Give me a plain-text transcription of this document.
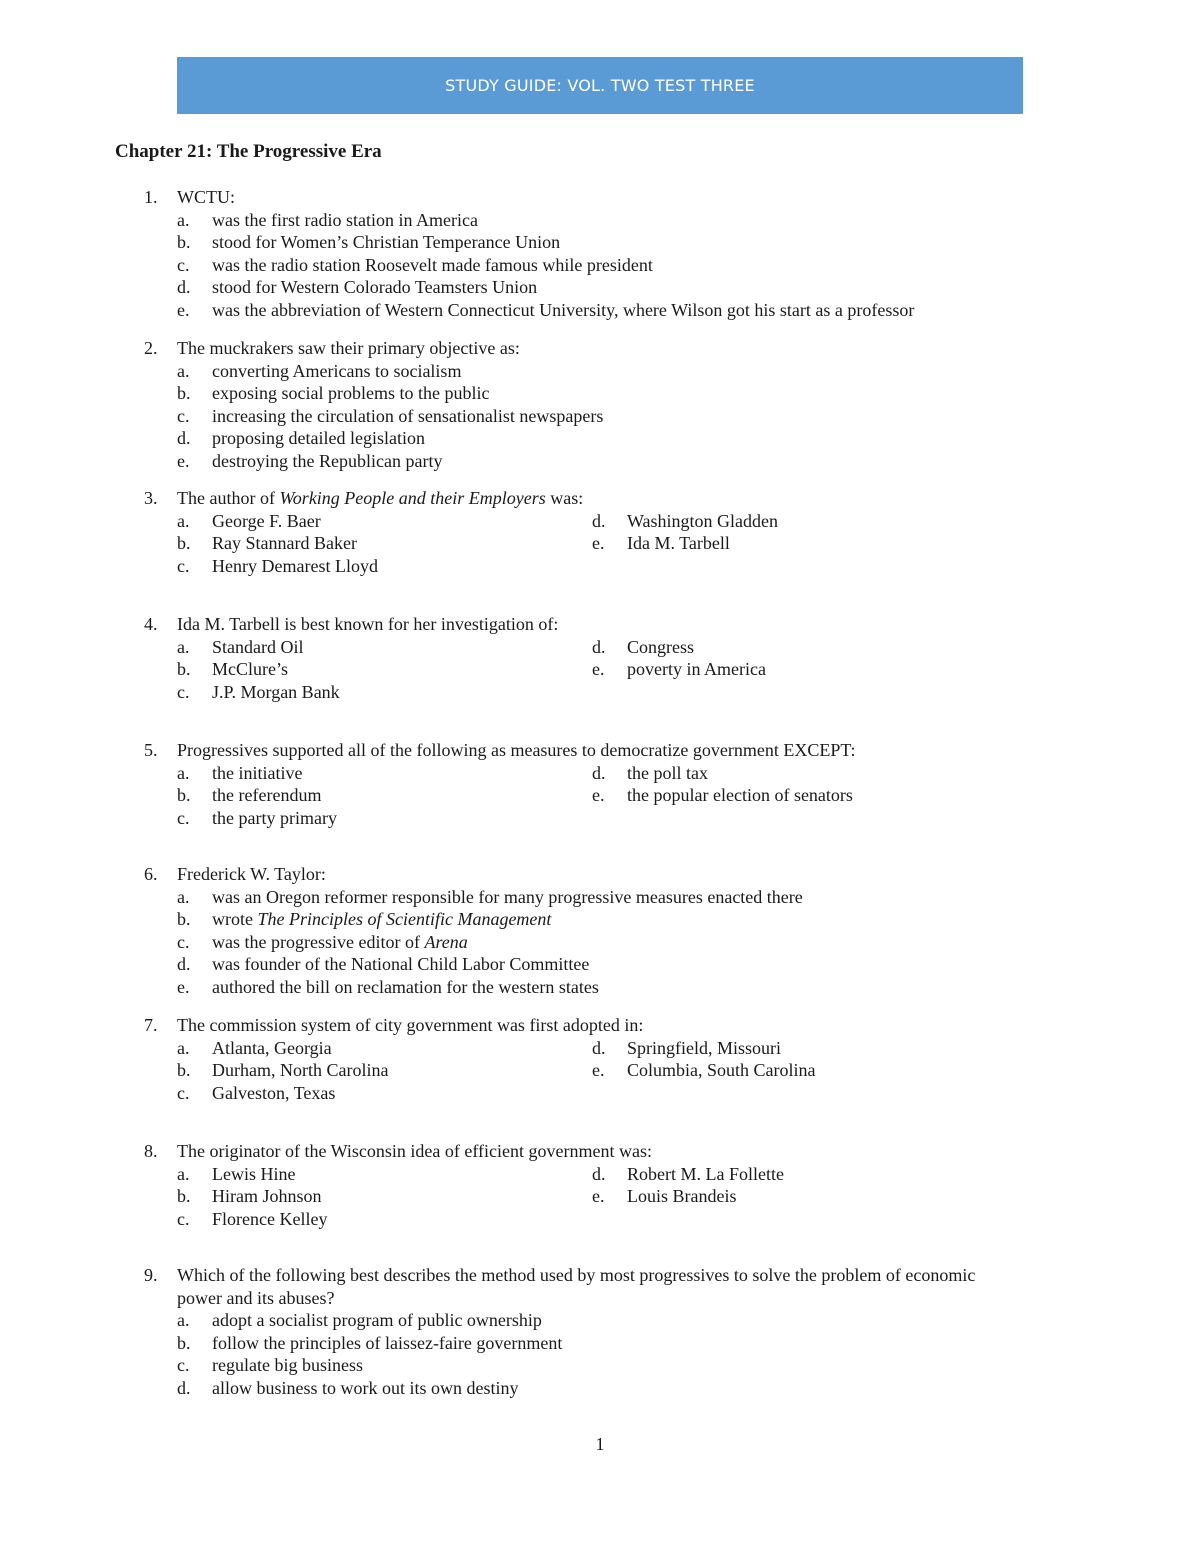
STUDY GUIDE: VOL. TWO TEST THREE
Chapter 21: The Progressive Era
1. WCTU:
a. was the first radio station in America
b. stood for Women’s Christian Temperance Union
c. was the radio station Roosevelt made famous while president
d. stood for Western Colorado Teamsters Union
e. was the abbreviation of Western Connecticut University, where Wilson got his start as a professor
2. The muckrakers saw their primary objective as:
a. converting Americans to socialism
b. exposing social problems to the public
c. increasing the circulation of sensationalist newspapers
d. proposing detailed legislation
e. destroying the Republican party
3. The author of Working People and their Employers was:
a. George F. Baer	d. Washington Gladden
b. Ray Stannard Baker	e. Ida M. Tarbell
c. Henry Demarest Lloyd
4. Ida M. Tarbell is best known for her investigation of:
a. Standard Oil	d. Congress
b. McClure’s	e. poverty in America
c. J.P. Morgan Bank
5. Progressives supported all of the following as measures to democratize government EXCEPT:
a. the initiative	d. the poll tax
b. the referendum	e. the popular election of senators
c. the party primary
6. Frederick W. Taylor:
a. was an Oregon reformer responsible for many progressive measures enacted there
b. wrote The Principles of Scientific Management
c. was the progressive editor of Arena
d. was founder of the National Child Labor Committee
e. authored the bill on reclamation for the western states
7. The commission system of city government was first adopted in:
a. Atlanta, Georgia	d. Springfield, Missouri
b. Durham, North Carolina	e. Columbia, South Carolina
c. Galveston, Texas
8. The originator of the Wisconsin idea of efficient government was:
a. Lewis Hine	d. Robert M. La Follette
b. Hiram Johnson	e. Louis Brandeis
c. Florence Kelley
9. Which of the following best describes the method used by most progressives to solve the problem of economic power and its abuses?
a. adopt a socialist program of public ownership
b. follow the principles of laissez-faire government
c. regulate big business
d. allow business to work out its own destiny
1
